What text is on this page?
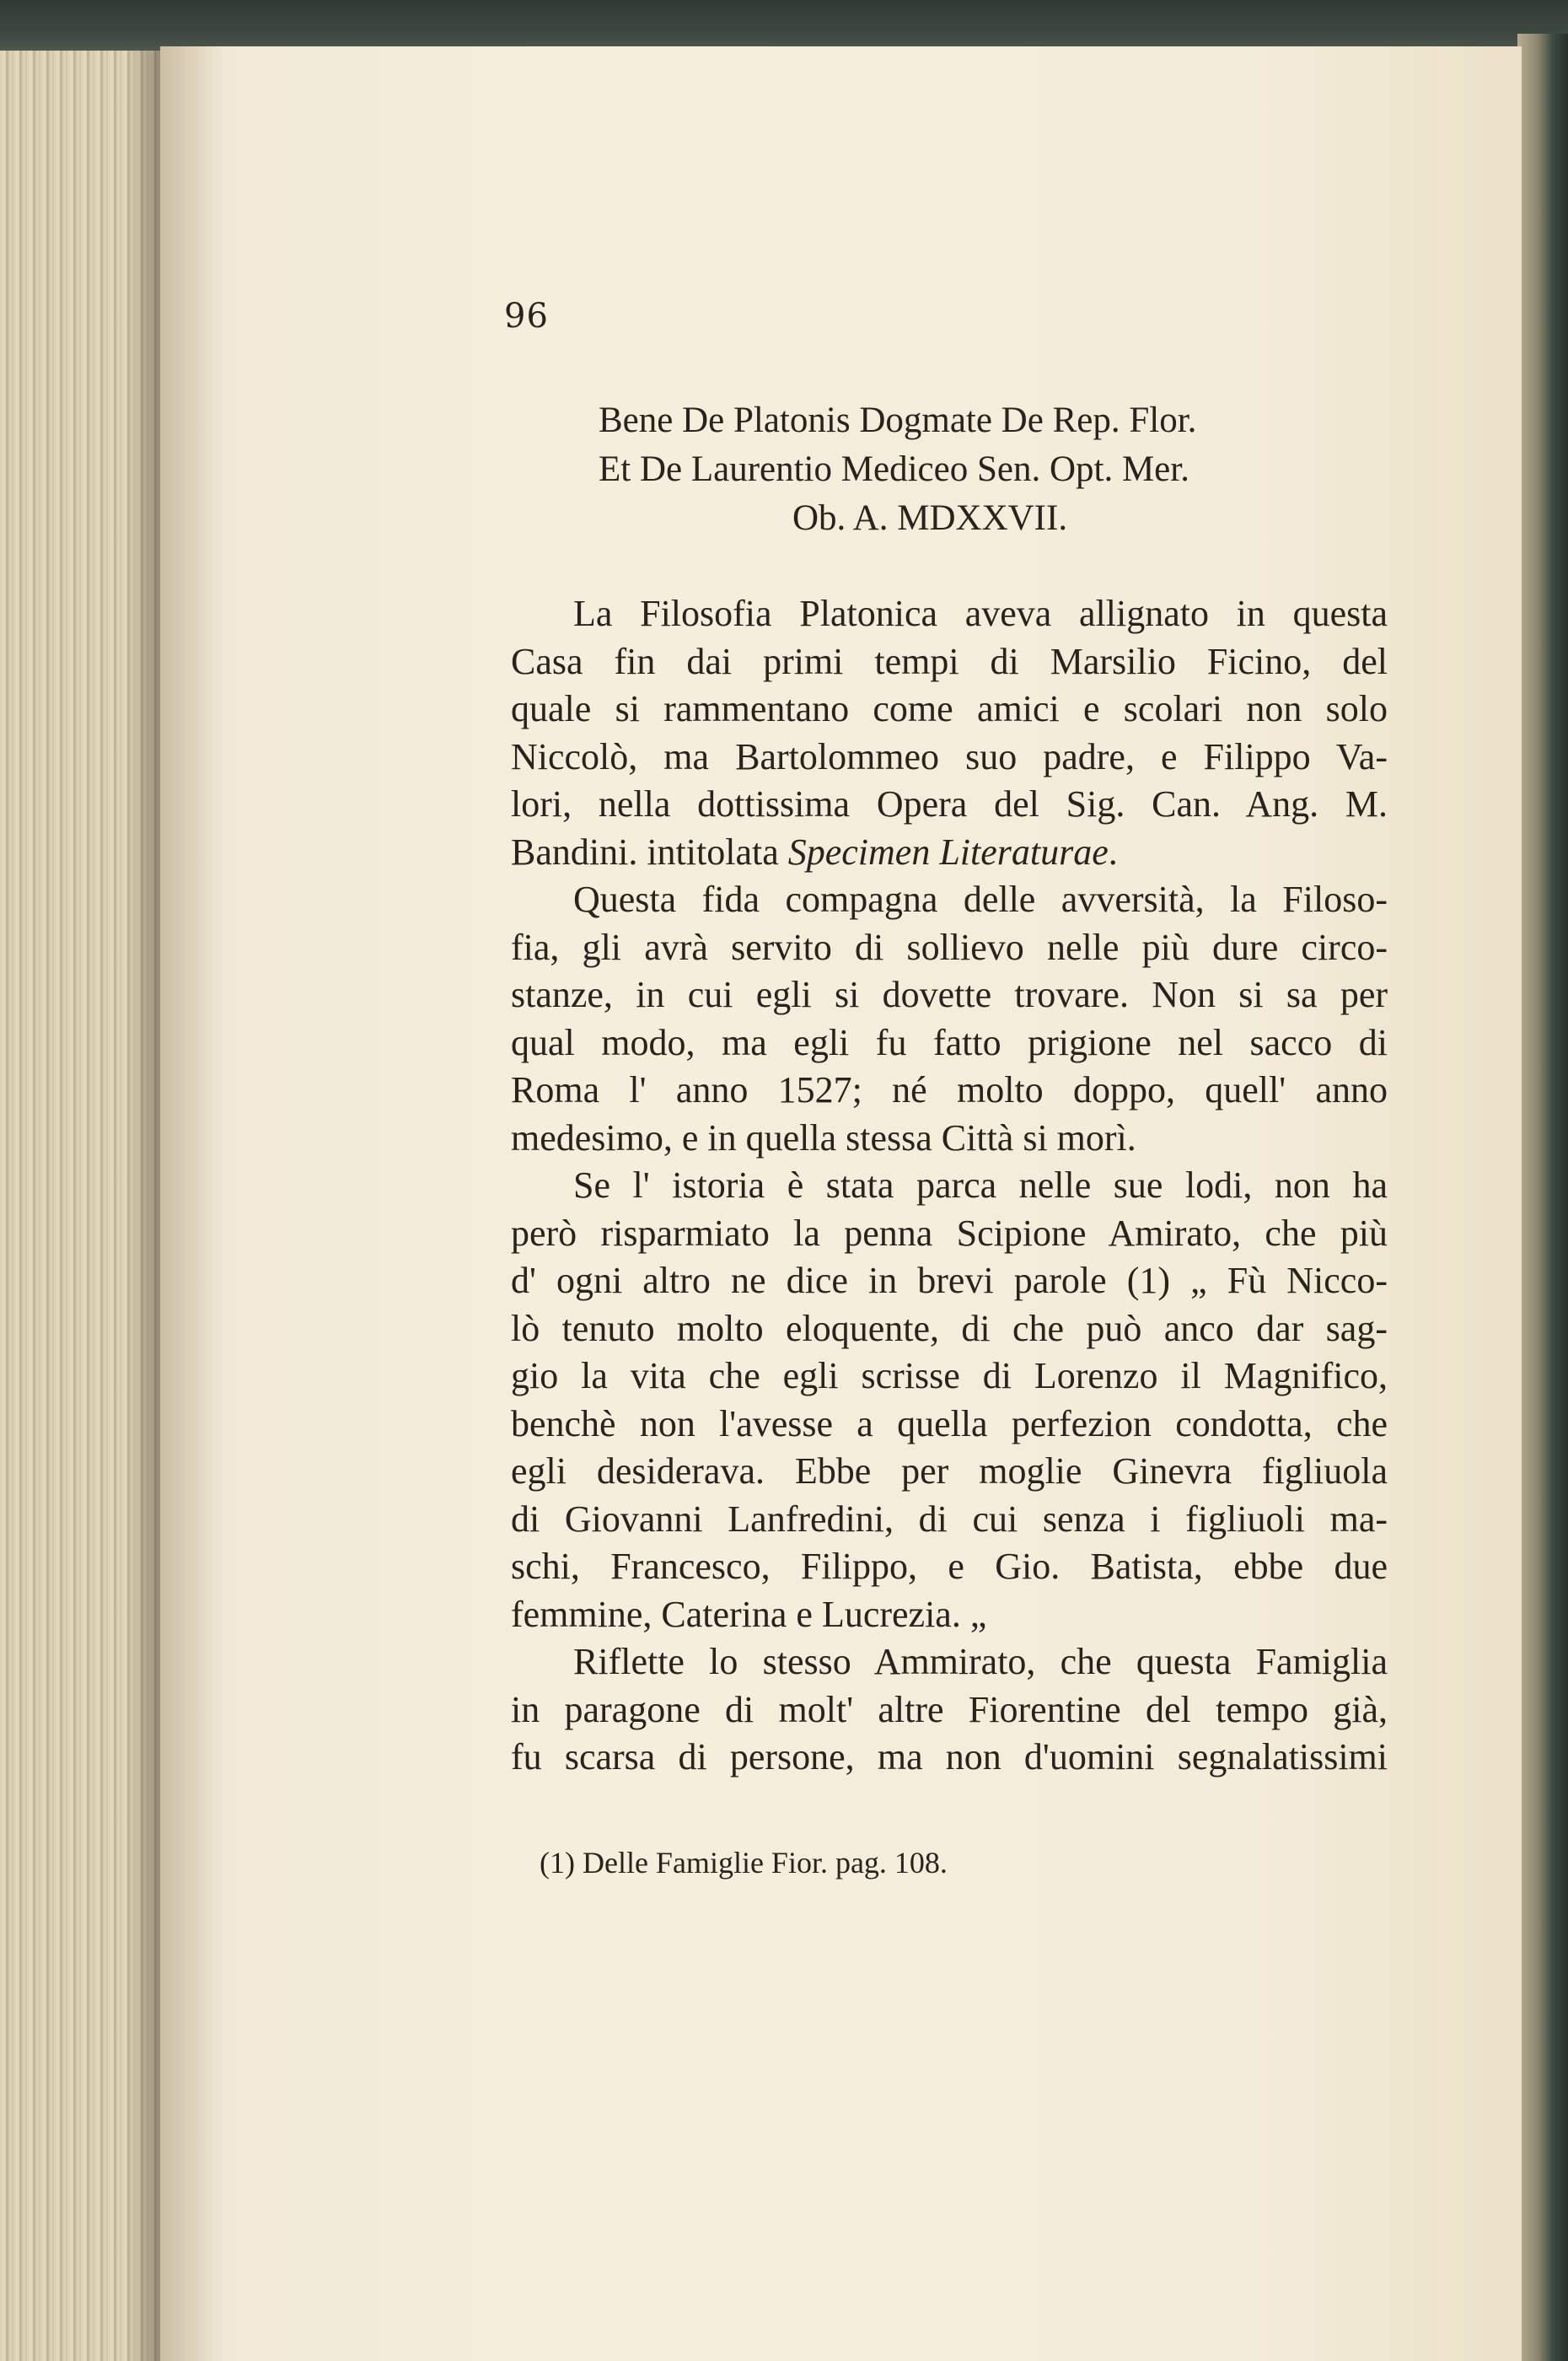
96
Bene De Platonis Dogmate De Rep. Flor.
Et De Laurentio Mediceo Sen. Opt. Mer.
Ob. A. MDXXVII.
La Filosofia Platonica aveva allignato in questa
Casa fin dai primi tempi di Marsilio Ficino, del
quale si rammentano come amici e scolari non solo
Niccolò, ma Bartolommeo suo padre, e Filippo Va-
lori, nella dottissima Opera del Sig. Can. Ang. M.
Bandini. intitolata Specimen Literaturae.
Questa fida compagna delle avversità, la Filoso-
fia, gli avrà servito di sollievo nelle più dure circo-
stanze, in cui egli si dovette trovare. Non si sa per
qual modo, ma egli fu fatto prigione nel sacco di
Roma l' anno 1527; né molto doppo, quell' anno
medesimo, e in quella stessa Città si morì.
Se l' istoria è stata parca nelle sue lodi, non ha
però risparmiato la penna Scipione Amirato, che più
d' ogni altro ne dice in brevi parole (1) „ Fù Nicco-
lò tenuto molto eloquente, di che può anco dar sag-
gio la vita che egli scrisse di Lorenzo il Magnifico,
benchè non l'avesse a quella perfezion condotta, che
egli desiderava. Ebbe per moglie Ginevra figliuola
di Giovanni Lanfredini, di cui senza i figliuoli ma-
schi, Francesco, Filippo, e Gio. Batista, ebbe due
femmine, Caterina e Lucrezia. „
Riflette lo stesso Ammirato, che questa Famiglia
in paragone di molt' altre Fiorentine del tempo già,
fu scarsa di persone, ma non d'uomini segnalatissimi
(1) Delle Famiglie Fior. pag. 108.
